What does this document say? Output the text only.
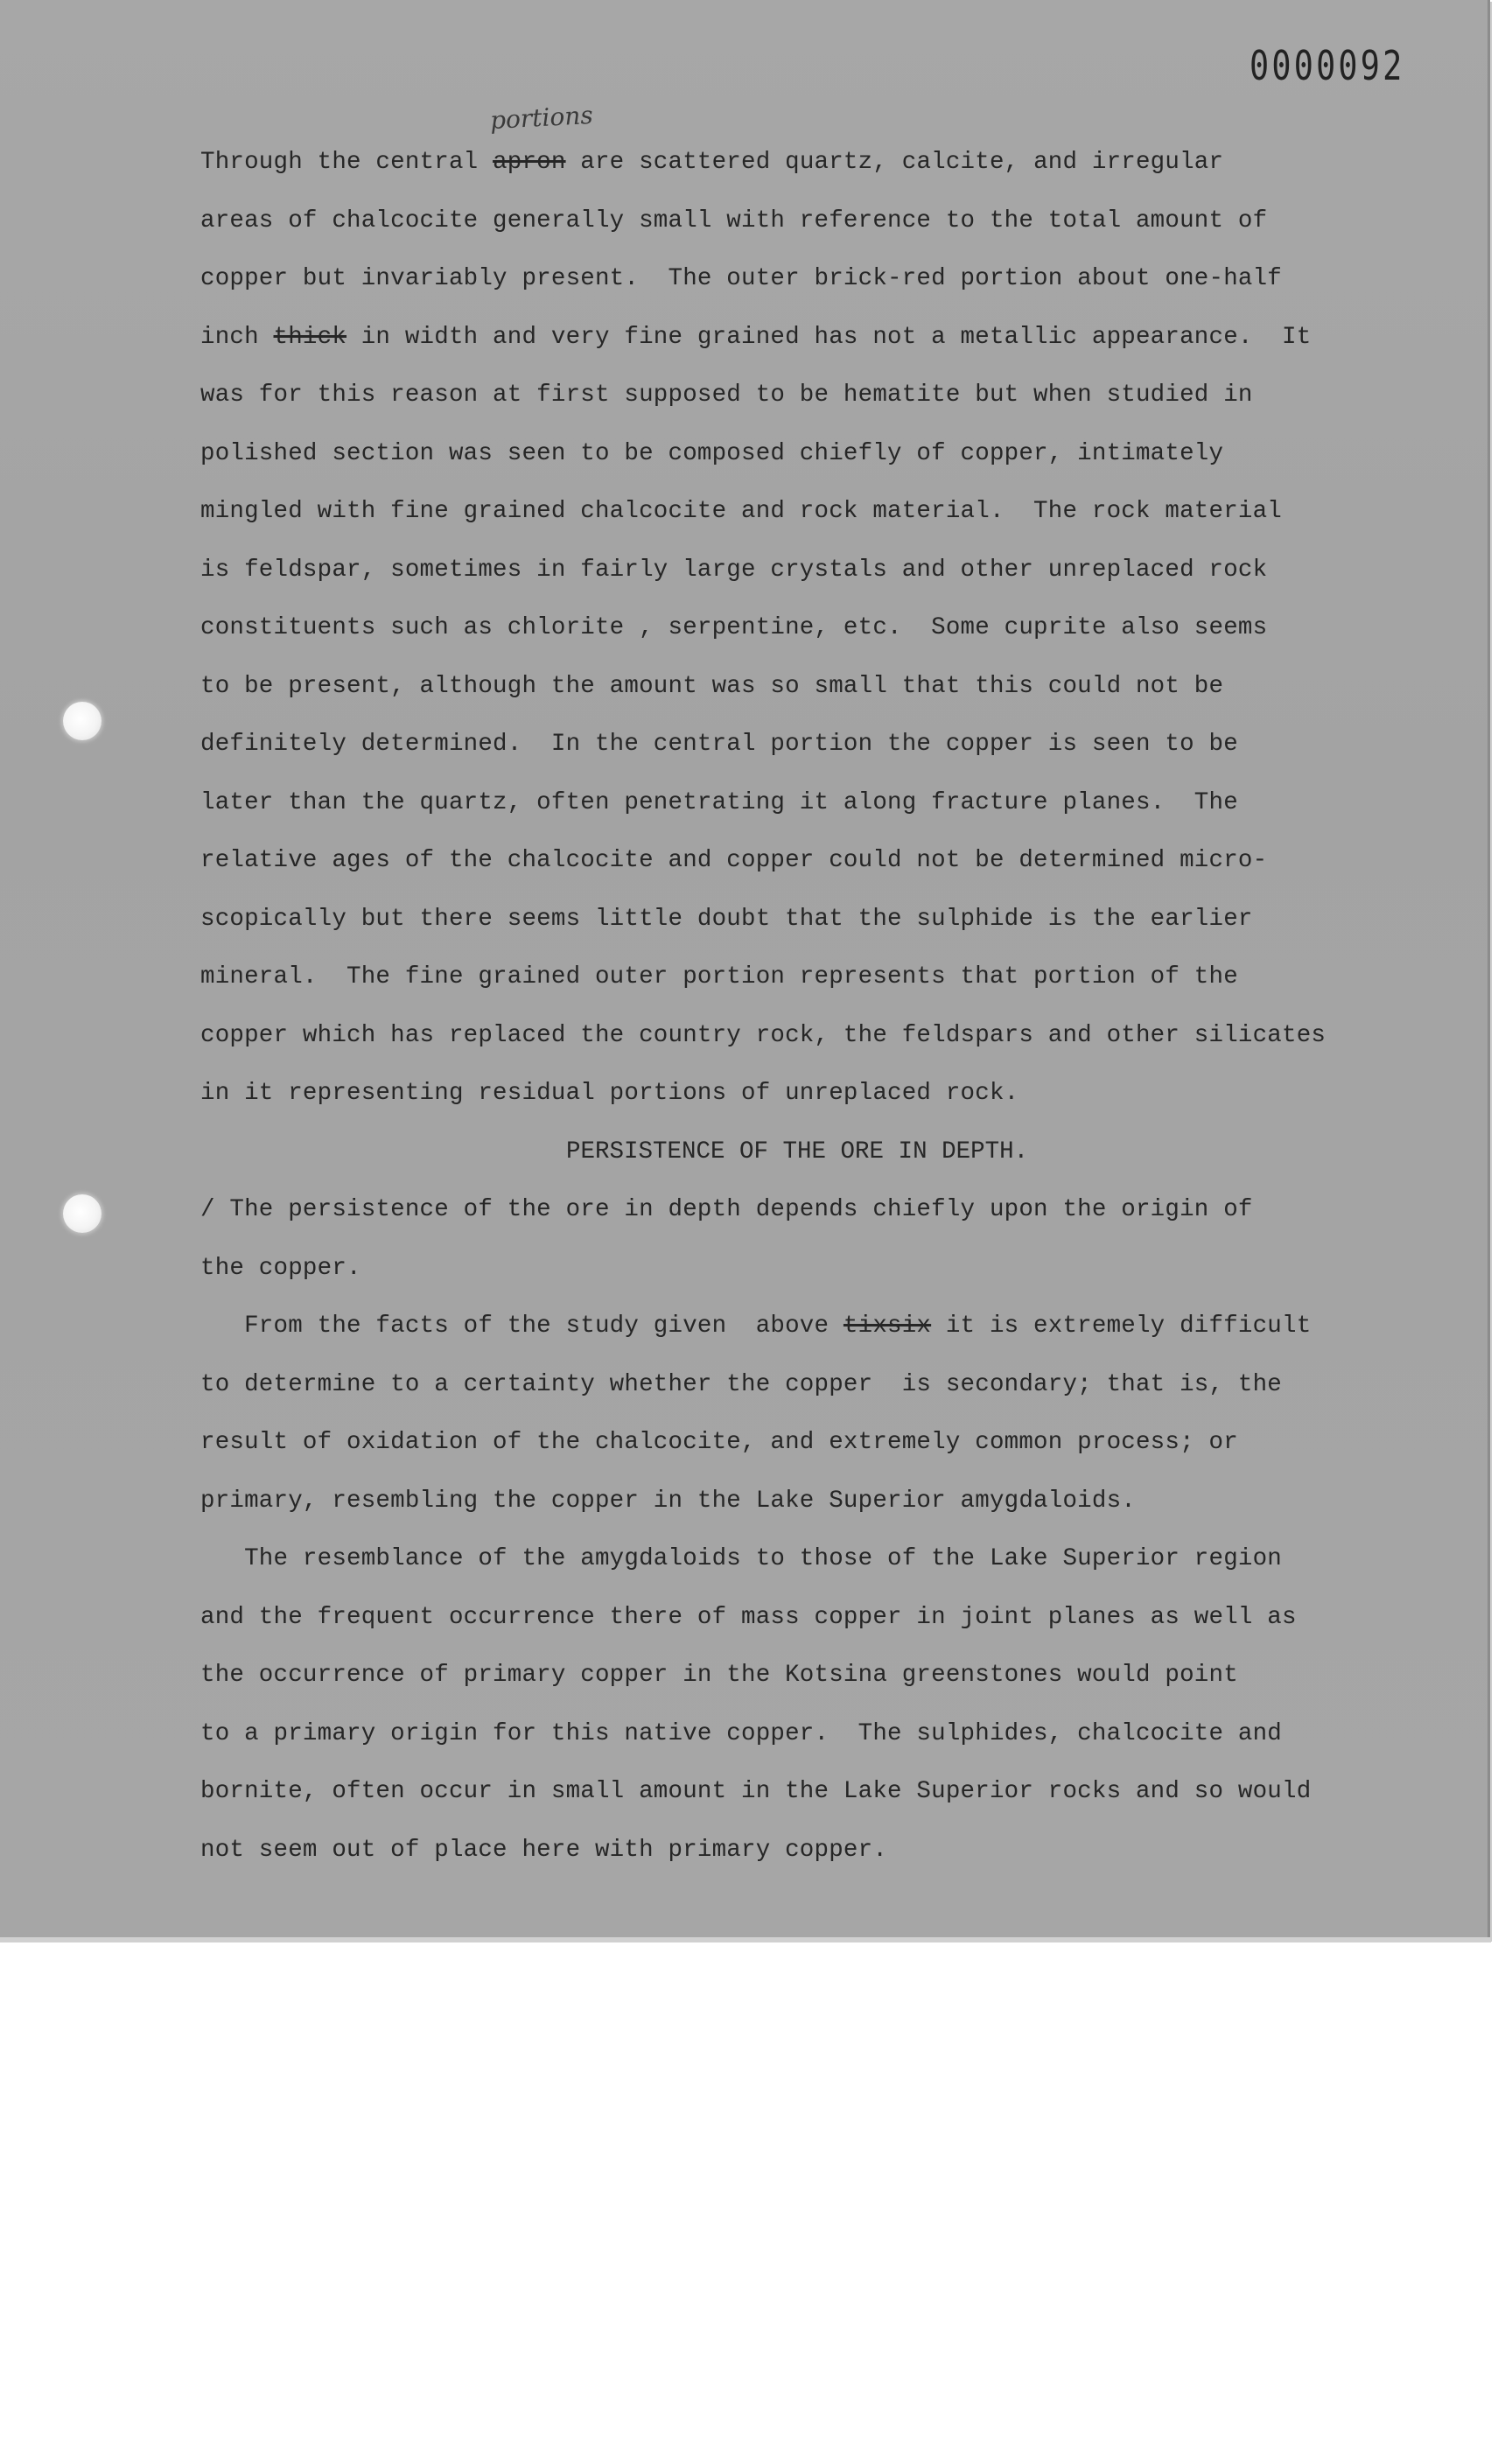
0000092
portions
Through the central apron are scattered quartz, calcite, and irregular
areas of chalcocite generally small with reference to the total amount of
copper but invariably present.  The outer brick-red portion about one-half
inch thick in width and very fine grained has not a metallic appearance.  It
was for this reason at first supposed to be hematite but when studied in
polished section was seen to be composed chiefly of copper, intimately
mingled with fine grained chalcocite and rock material.  The rock material
is feldspar, sometimes in fairly large crystals and other unreplaced rock
constituents such as chlorite , serpentine, etc.  Some cuprite also seems
to be present, although the amount was so small that this could not be
definitely determined.  In the central portion the copper is seen to be
later than the quartz, often penetrating it along fracture planes.  The
relative ages of the chalcocite and copper could not be determined micro-
scopically but there seems little doubt that the sulphide is the earlier
mineral.  The fine grained outer portion represents that portion of the
copper which has replaced the country rock, the feldspars and other silicates
in it representing residual portions of unreplaced rock.
PERSISTENCE OF THE ORE IN DEPTH.
/ The persistence of the ore in depth depends chiefly upon the origin of
the copper.
From the facts of the study given  above tixsix it is extremely difficult
to determine to a certainty whether the copper  is secondary; that is, the
result of oxidation of the chalcocite, and extremely common process; or
primary, resembling the copper in the Lake Superior amygdaloids.
The resemblance of the amygdaloids to those of the Lake Superior region
and the frequent occurrence there of mass copper in joint planes as well as
the occurrence of primary copper in the Kotsina greenstones would point
to a primary origin for this native copper.  The sulphides, chalcocite and
bornite, often occur in small amount in the Lake Superior rocks and so would
not seem out of place here with primary copper.
